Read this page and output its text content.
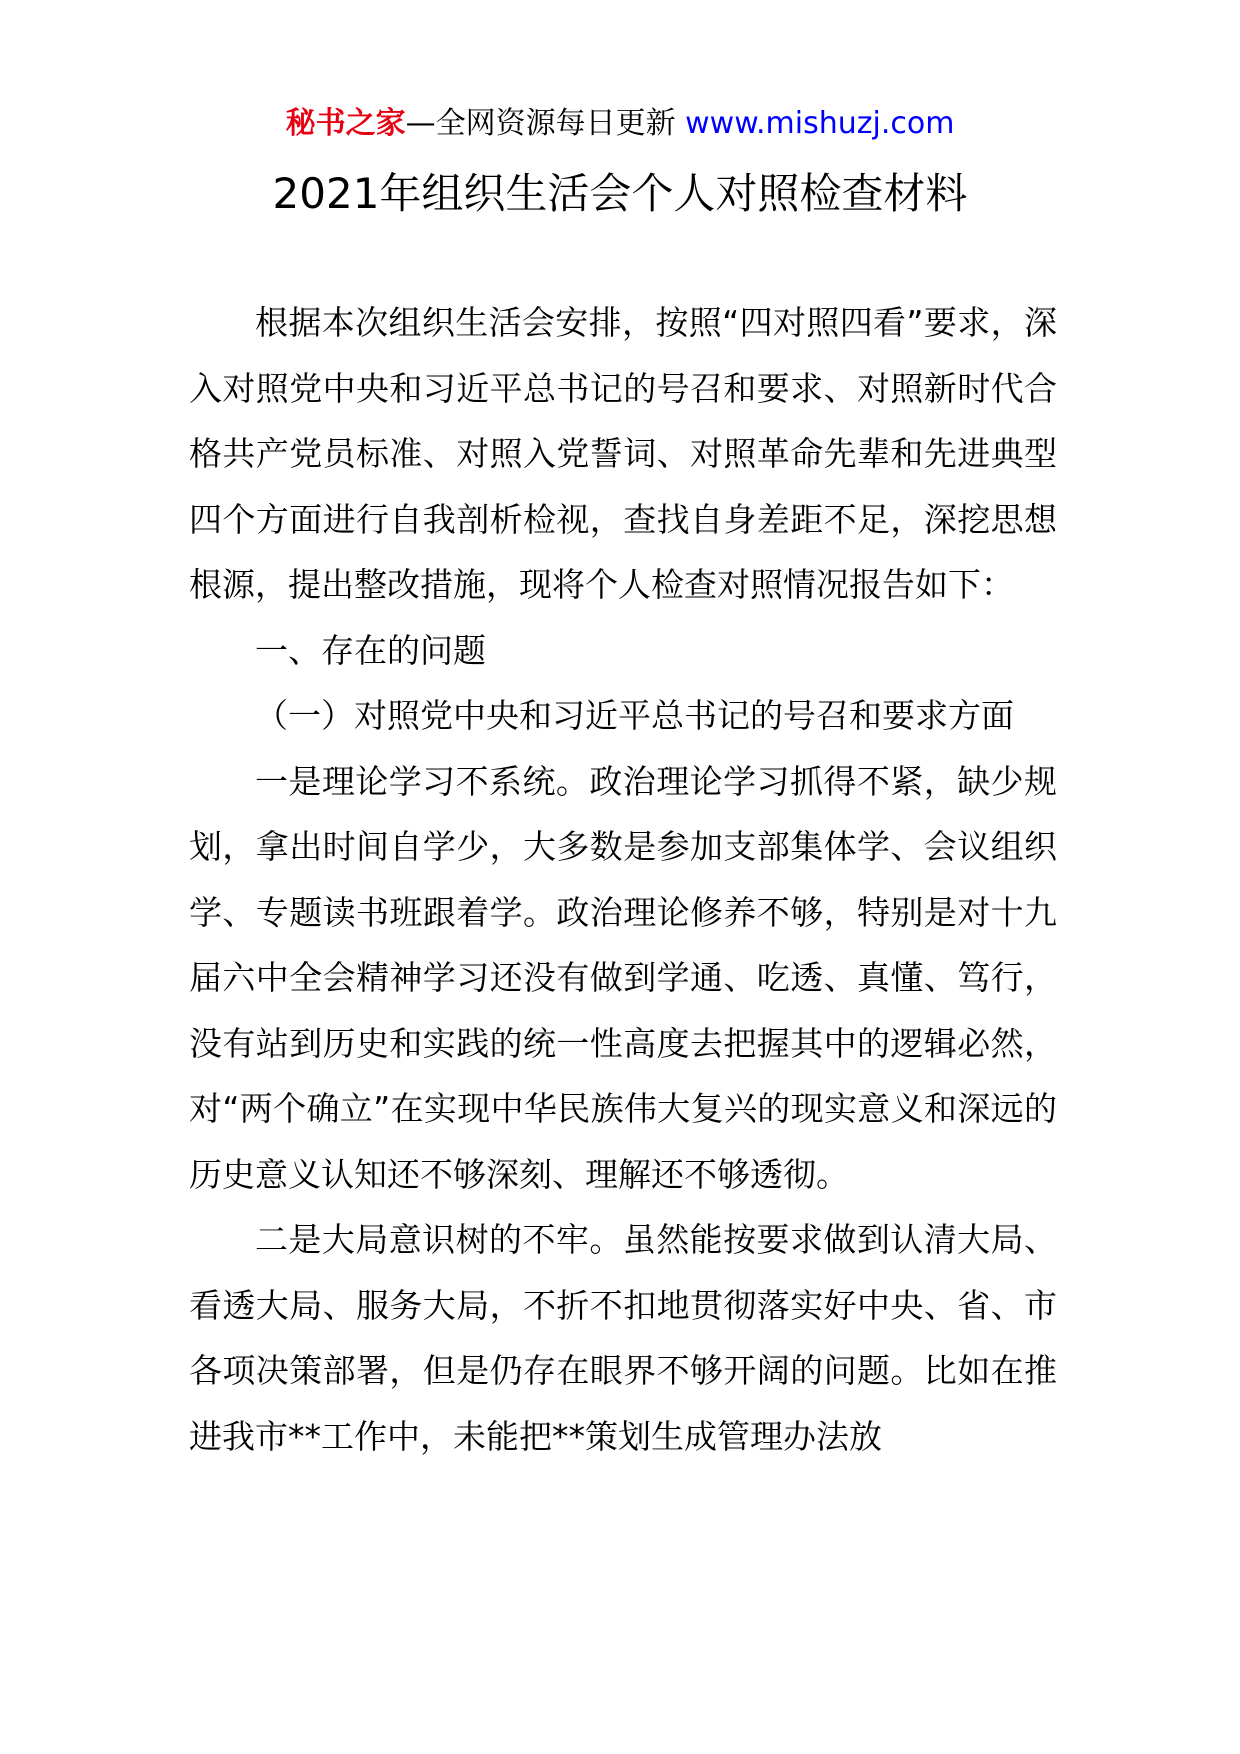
秘书之家—全网资源每日更新 www.mishuzj.com
2021年组织生活会个人对照检查材料

根据本次组织生活会安排，按照“四对照四看”要求，深入对照党中央和习近平总书记的号召和要求、对照新时代合格共产党员标准、对照入党誓词、对照革命先辈和先进典型四个方面进行自我剖析检视，查找自身差距不足，深挖思想根源，提出整改措施，现将个人检查对照情况报告如下：

一、存在的问题

（一）对照党中央和习近平总书记的号召和要求方面

一是理论学习不系统。政治理论学习抓得不紧，缺少规划，拿出时间自学少，大多数是参加支部集体学、会议组织学、专题读书班跟着学。政治理论修养不够，特别是对十九届六中全会精神学习还没有做到学通、吃透、真懂、笃行，没有站到历史和实践的统一性高度去把握其中的逻辑必然，对“两个确立”在实现中华民族伟大复兴的现实意义和深远的历史意义认知还不够深刻、理解还不够透彻。

二是大局意识树的不牢。虽然能按要求做到认清大局、看透大局、服务大局，不折不扣地贯彻落实好中央、省、市各项决策部署，但是仍存在眼界不够开阔的问题。比如在推进我市**工作中，未能把**策划生成管理办法放
